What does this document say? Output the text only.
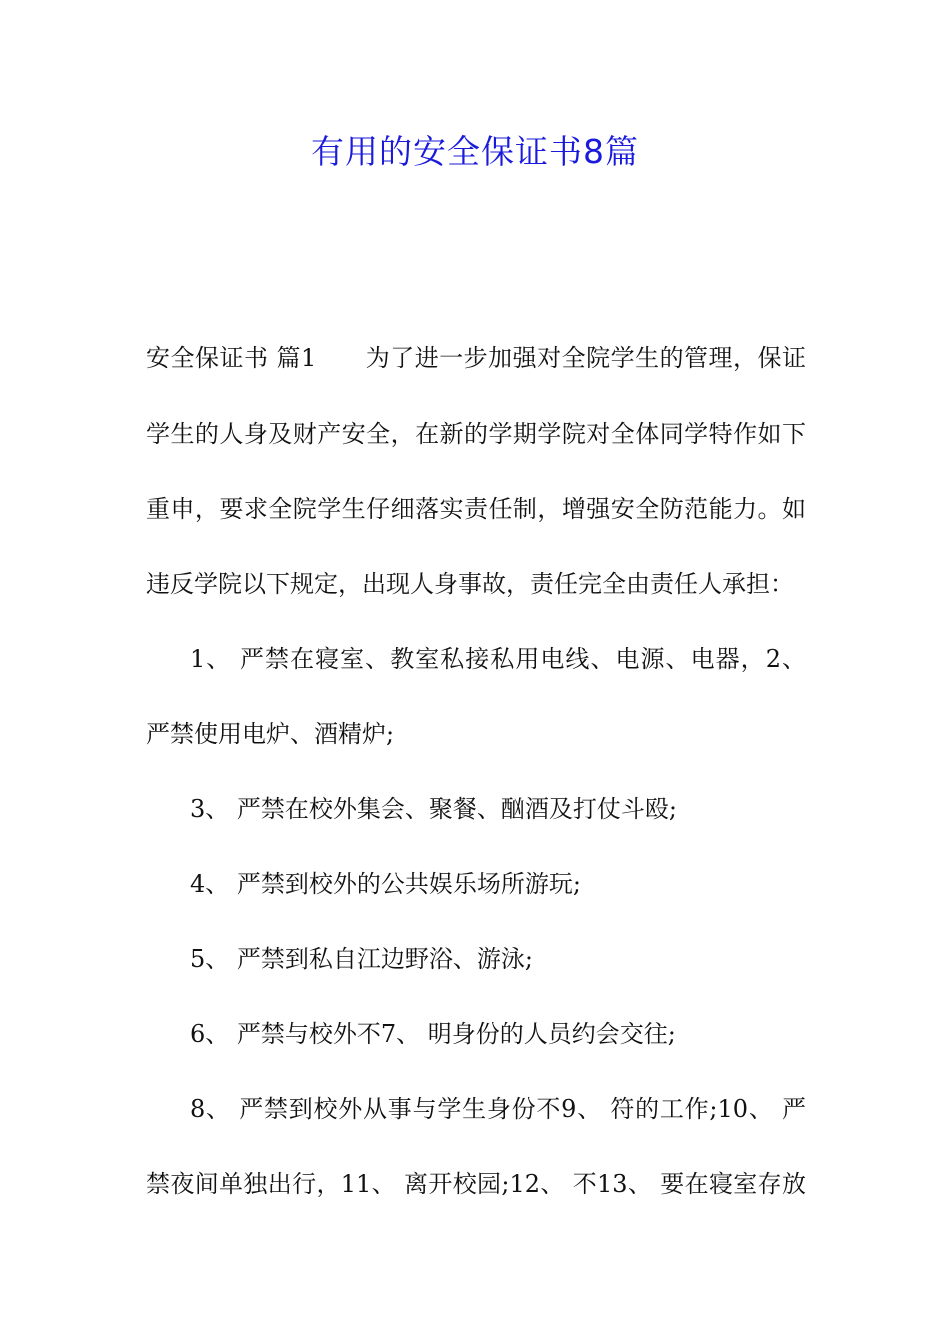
有用的安全保证书8篇

安全保证书 篇1　　为了进一步加强对全院学生的管理，保证

学生的人身及财产安全，在新的学期学院对全体同学特作如下

重申，要求全院学生仔细落实责任制，增强安全防范能力。如

违反学院以下规定，出现人身事故，责任完全由责任人承担：

1、 严禁在寝室、教室私接私用电线、电源、电器，2、

严禁使用电炉、酒精炉;

3、 严禁在校外集会、聚餐、酗酒及打仗斗殴;

4、 严禁到校外的公共娱乐场所游玩;

5、 严禁到私自江边野浴、游泳;

6、 严禁与校外不7、 明身份的人员约会交往;

8、 严禁到校外从事与学生身份不9、 符的工作;10、 严

禁夜间单独出行，11、 离开校园;12、 不13、 要在寝室存放
